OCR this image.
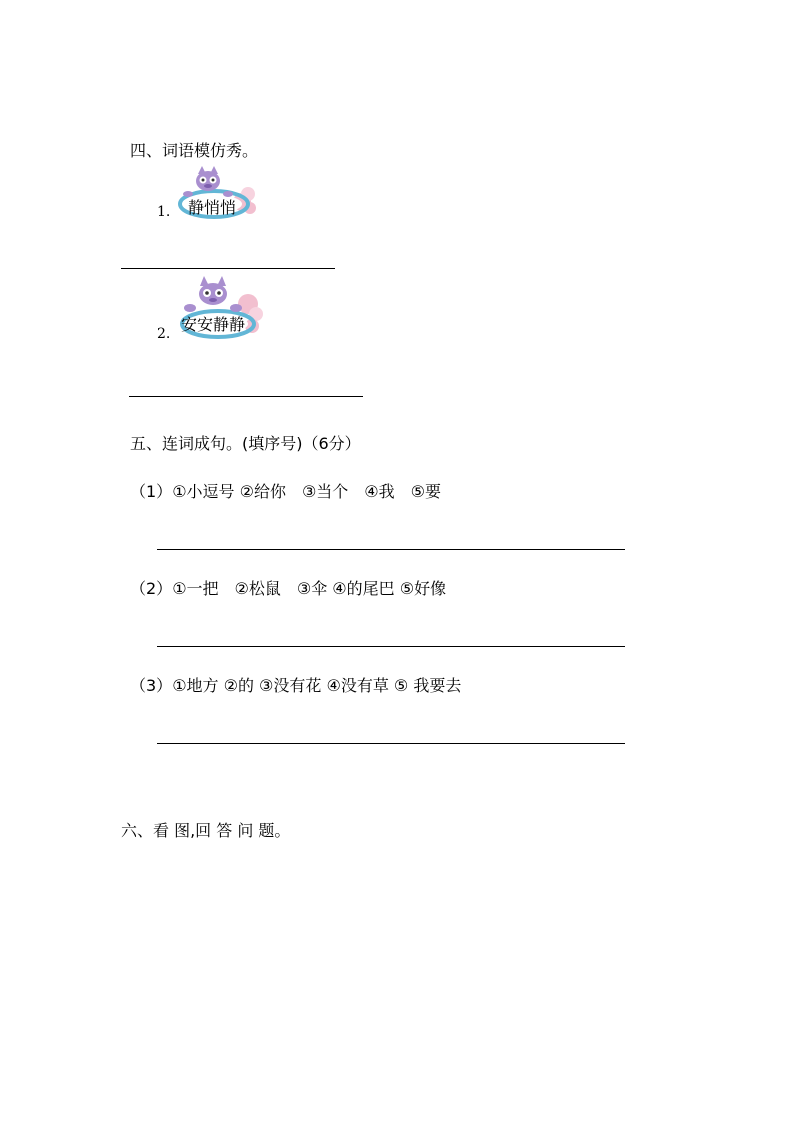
四、词语模仿秀。
1. 静悄悄
2. 安安静静
五、连词成句。(填序号)（6分）
（1）①小逗号 ②给你　③当个　④我　⑤要
（2）①一把　②松鼠　③伞 ④的尾巴 ⑤好像
（3）①地方 ②的 ③没有花 ④没有草 ⑤ 我要去
六、看 图,回 答 问 题。
